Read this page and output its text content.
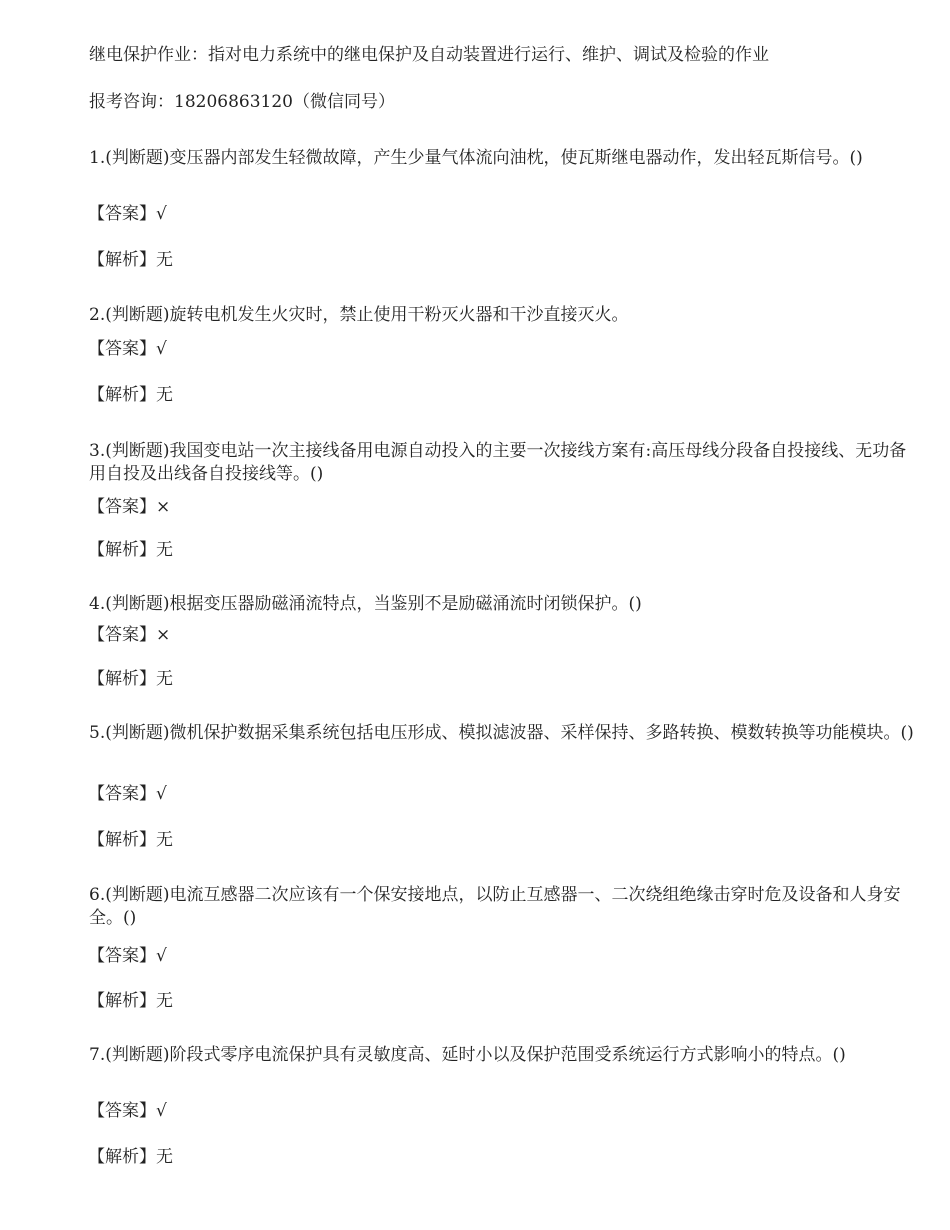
继电保护作业：指对电力系统中的继电保护及自动装置进行运行、维护、调试及检验的作业
报考咨询：18206863120（微信同号）
1.(判断题)变压器内部发生轻微故障，产生少量气体流向油枕，使瓦斯继电器动作，发出轻瓦斯信号。()
【答案】√
【解析】无
2.(判断题)旋转电机发生火灾时，禁止使用干粉灭火器和干沙直接灭火。
【答案】√
【解析】无
3.(判断题)我国变电站一次主接线备用电源自动投入的主要一次接线方案有:高压母线分段备自投接线、无功备用自投及出线备自投接线等。()
【答案】×
【解析】无
4.(判断题)根据变压器励磁涌流特点，当鉴别不是励磁涌流时闭锁保护。()
【答案】×
【解析】无
5.(判断题)微机保护数据采集系统包括电压形成、模拟滤波器、采样保持、多路转换、模数转换等功能模块。()
【答案】√
【解析】无
6.(判断题)电流互感器二次应该有一个保安接地点，以防止互感器一、二次绕组绝缘击穿时危及设备和人身安全。()
【答案】√
【解析】无
7.(判断题)阶段式零序电流保护具有灵敏度高、延时小以及保护范围受系统运行方式影响小的特点。()
【答案】√
【解析】无
